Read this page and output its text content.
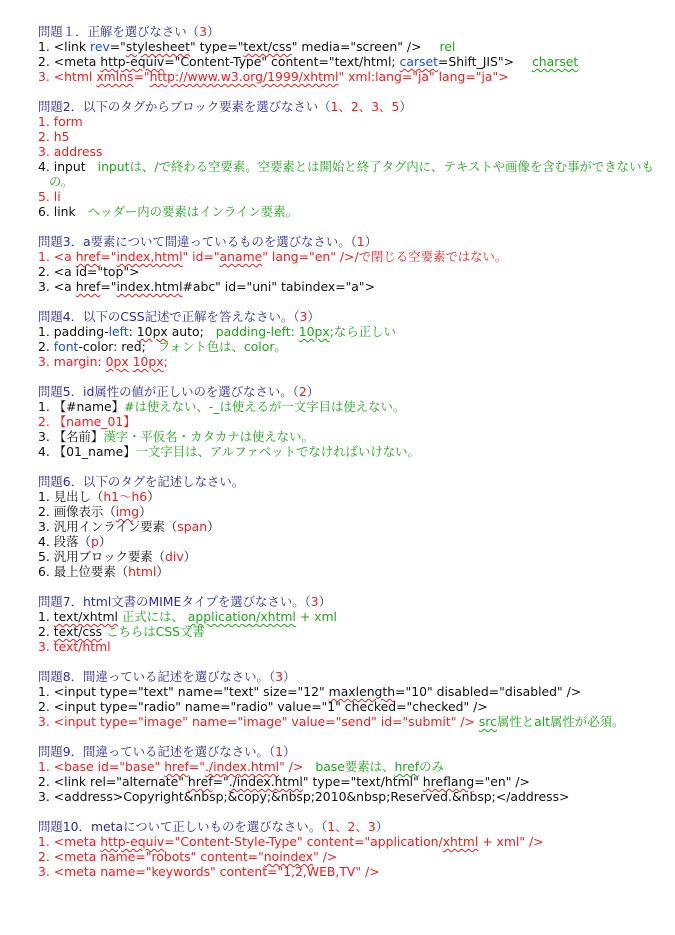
問題１．正解を選びなさい（3）
1. <link rev="stylesheet" type="text/css" media="screen" /> rel
2. <meta http-equiv="Content-Type" content="text/html; carset=Shift_JIS"> charset
3. <html xmlns="http://www.w3.org/1999/xhtml" xml:lang="ja" lang="ja">
問題2．以下のタグからブロック要素を選びなさい（1、2、3、5）
1. form
2. h5
3. address
4. input inputは、/で終わる空要素。空要素とは開始と終了タグ内に、テキストや画像を含む事ができないもの。
5. li
6. link ヘッダー内の要素はインライン要素。
問題3．a要素について間違っているものを選びなさい。（1）
1. <a href="index,html" id="aname" lang="en" />/で閉じる空要素ではない。
2. <a id="top">
3. <a href="index.html#abc" id="uni" tabindex="a">
問題4．以下のCSS記述で正解を答えなさい。（3）
1. padding-left: 10px auto; padding-left: 10px;なら正しい
2. font-color: red; フォント色は、color。
3. margin: 0px 10px;
問題5．id属性の値が正しいのを選びなさい。（2）
1. 【#name】#は使えない、-_は使えるが一文字目は使えない。
2. 【name_01】
3. 【名前】漢字・平仮名・カタカナは使えない。
4. 【01_name】一文字目は、アルファベットでなければいけない。
問題6．以下のタグを記述しなさい。
1. 見出し（h1〜h6）
2. 画像表示（img）
3. 汎用インライン要素（span）
4. 段落（p）
5. 汎用ブロック要素（div）
6. 最上位要素（html）
問題7．html文書のMIMEタイプを選びなさい。（3）
1. text/xhtml 正式には、 application/xhtml + xml
2. text/css こちらはCSS文書
3. text/html
問題8．間違っている記述を選びなさい。（3）
1. <input type="text" name="text" size="12" maxlength="10" disabled="disabled" />
2. <input type="radio" name="radio" value="1" checked="checked" />
3. <input type="image" name="image" value="send" id="submit" /> src属性とalt属性が必須。
問題9．間違っている記述を選びなさい。（1）
1. <base id="base" href="./index.html" /> base要素は、hrefのみ
2. <link rel="alternate" href="./index.html" type="text/html" hreflang="en" />
3. <address>Copyright&nbsp;&copy;&nbsp;2010&nbsp;Reserved.&nbsp;</address>
問題10．metaについて正しいものを選びなさい。（1、2、3）
1. <meta http-equiv="Content-Style-Type" content="application/xhtml + xml" />
2. <meta name="robots" content="noindex" />
3. <meta name="keywords" content="1,2,WEB,TV" />
